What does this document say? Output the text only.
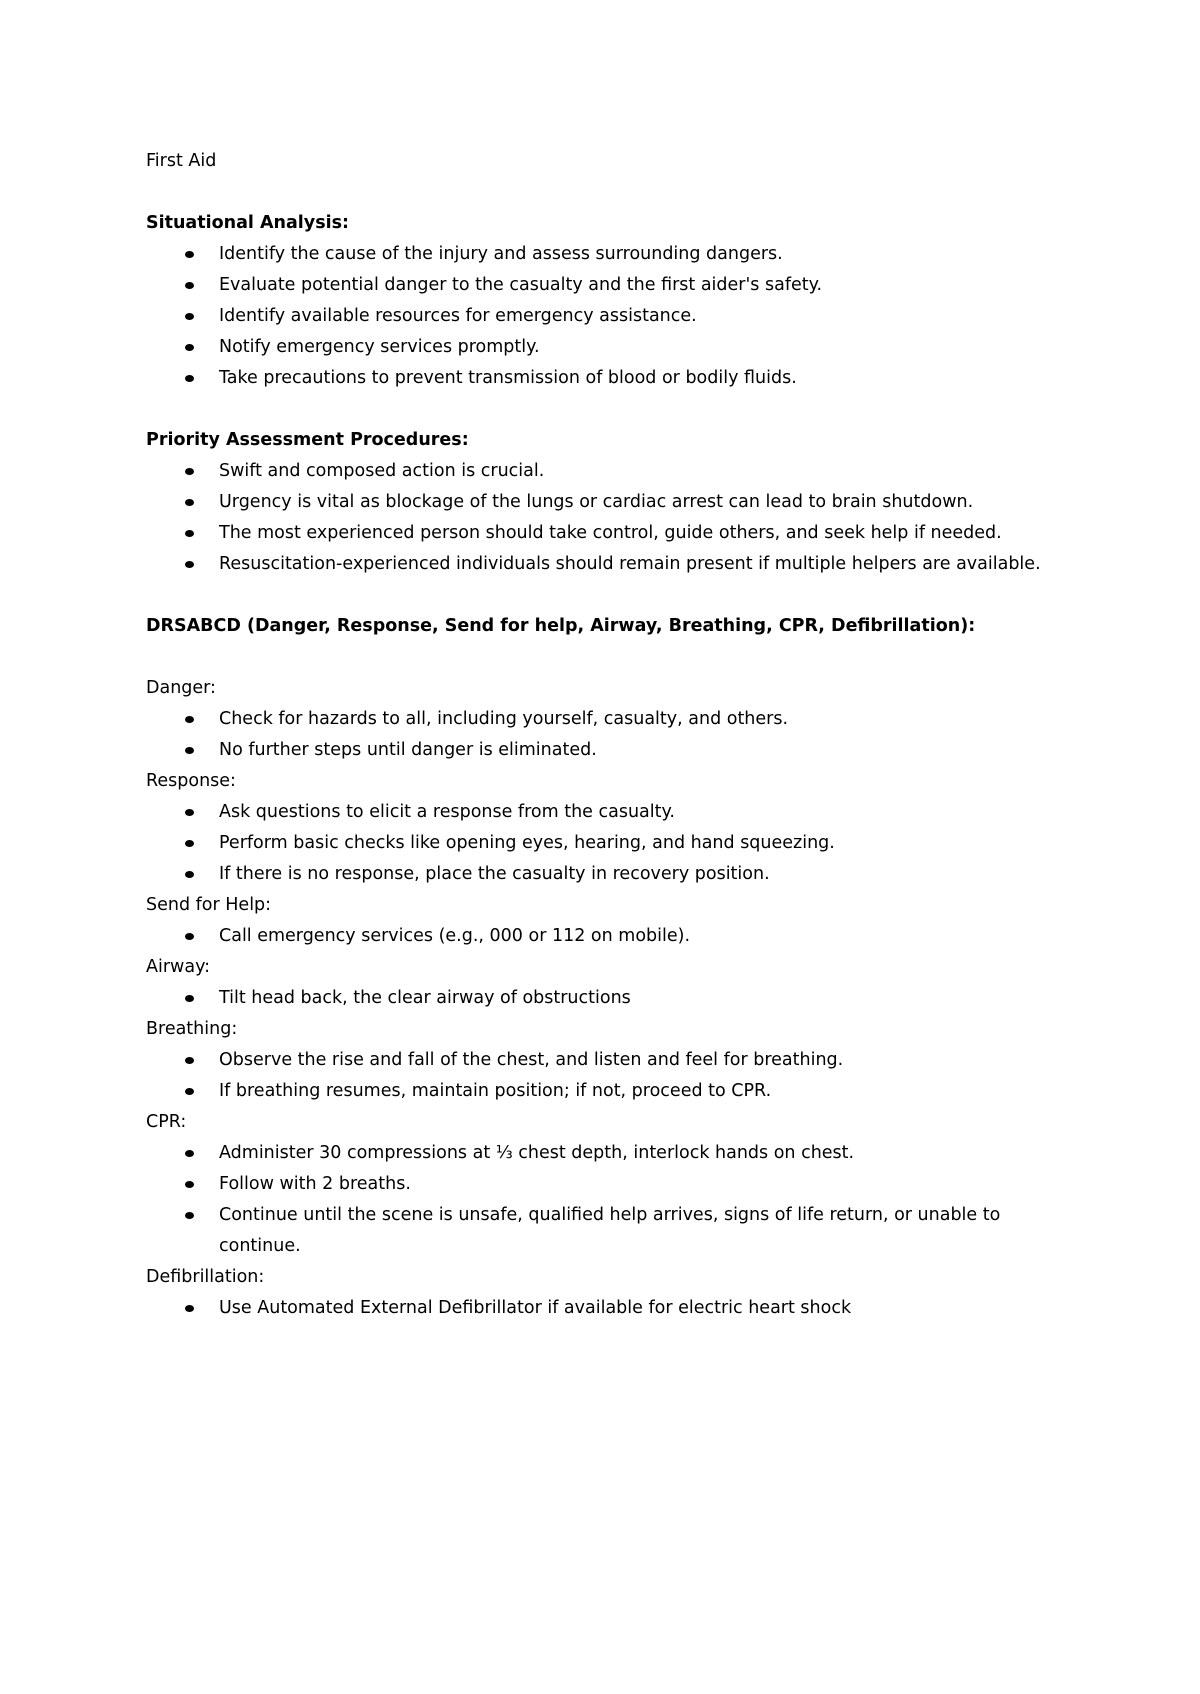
First Aid

Situational Analysis:

Identify the cause of the injury and assess surrounding dangers.
Evaluate potential danger to the casualty and the first aider's safety.
Identify available resources for emergency assistance.
Notify emergency services promptly.
Take precautions to prevent transmission of blood or bodily fluids.

Priority Assessment Procedures:

Swift and composed action is crucial.
Urgency is vital as blockage of the lungs or cardiac arrest can lead to brain shutdown.
The most experienced person should take control, guide others, and seek help if needed.
Resuscitation-experienced individuals should remain present if multiple helpers are available.

DRSABCD (Danger, Response, Send for help, Airway, Breathing, CPR, Defibrillation):

Danger:

Check for hazards to all, including yourself, casualty, and others.
No further steps until danger is eliminated.

Response:

Ask questions to elicit a response from the casualty.
Perform basic checks like opening eyes, hearing, and hand squeezing.
If there is no response, place the casualty in recovery position.

Send for Help:

Call emergency services (e.g., 000 or 112 on mobile).

Airway:

Tilt head back, the clear airway of obstructions

Breathing:

Observe the rise and fall of the chest, and listen and feel for breathing.
If breathing resumes, maintain position; if not, proceed to CPR.

CPR:

Administer 30 compressions at ⅓ chest depth, interlock hands on chest.
Follow with 2 breaths.
Continue until the scene is unsafe, qualified help arrives, signs of life return, or unable to continue.

Defibrillation:

Use Automated External Defibrillator if available for electric heart shock
